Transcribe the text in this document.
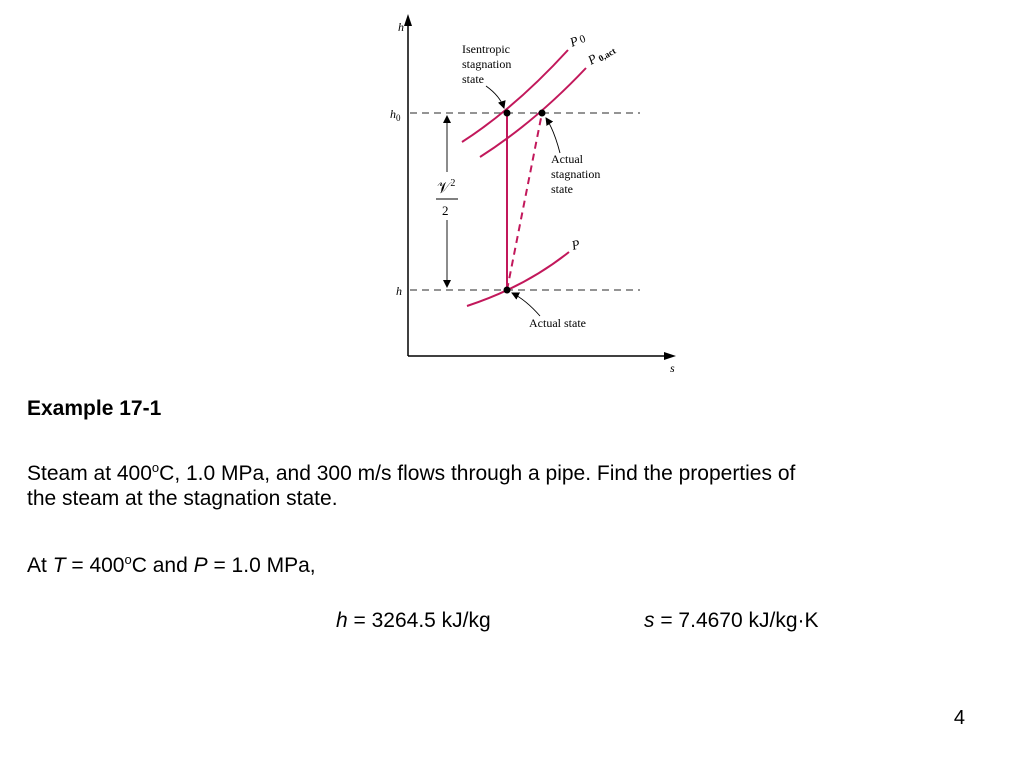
h
s
$h_0$
h
𝒱$^2$
2
P0
P0,act
P
Isentropic stagnation state
Actual stagnation state
Actual state
Example 17-1
Steam at 400$^o$C, 1.0 MPa, and 300 m/s flows through a pipe. Find the properties of
the steam at the stagnation state.
At $T = 400^oC$ and P = 1.0 MPa,
h = 3264.5 kJ/kg	s = 7.4670 kJ/kg·K
4
